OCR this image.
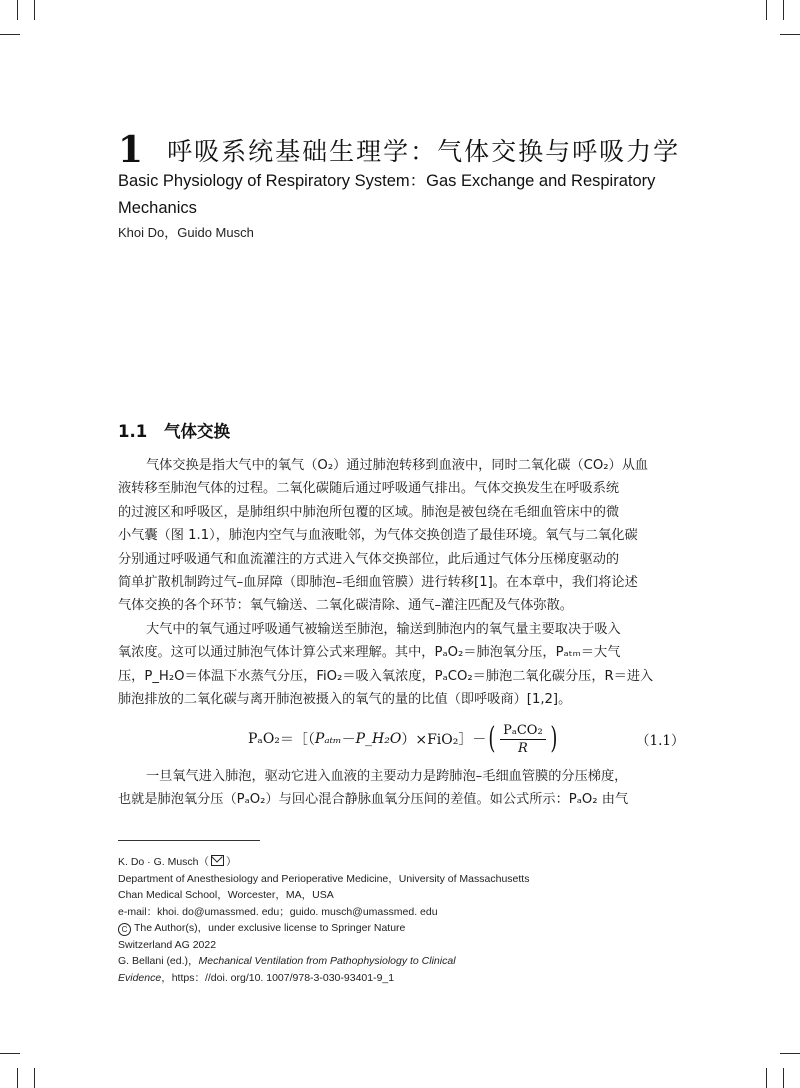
1 呼吸系统基础生理学：气体交换与呼吸力学
Basic Physiology of Respiratory System：Gas Exchange and Respiratory Mechanics
Khoi Do，Guido Musch
1.1 气体交换
气体交换是指大气中的氧气（O₂）通过肺泡转移到血液中，同时二氧化碳（CO₂）从血
液转移至肺泡气体的过程。二氧化碳随后通过呼吸通气排出。气体交换发生在呼吸系统
的过渡区和呼吸区，是肺组织中肺泡所包覆的区域。肺泡是被包绕在毛细血管床中的微
小气囊（图 1.1），肺泡内空气与血液毗邻，为气体交换创造了最佳环境。氧气与二氧化碳
分别通过呼吸通气和血流灌注的方式进入气体交换部位，此后通过气体分压梯度驱动的
简单扩散机制跨过气–血屏障（即肺泡–毛细血管膜）进行转移[1]。在本章中，我们将论述
气体交换的各个环节：氧气输送、二氧化碳清除、通气–灌注匹配及气体弥散。
大气中的氧气通过呼吸通气被输送至肺泡，输送到肺泡内的氧气量主要取决于吸入
氧浓度。这可以通过肺泡气体计算公式来理解。其中，PₐO₂＝肺泡氧分压，Pₐₜₘ＝大气
压，P_H₂O＝体温下水蒸气分压，FiO₂＝吸入氧浓度，PₐCO₂＝肺泡二氧化碳分压，R＝进入
肺泡排放的二氧化碳与离开肺泡被摄入的氧气的量的比值（即呼吸商）[1,2]。
PₐO₂ ＝ ［（ Pₐₜₘ － P_H₂O ）×FiO₂］－ ( $\frac{\text{PₐCO₂}}{R}$ )	（1.1）
一旦氧气进入肺泡，驱动它进入血液的主要动力是跨肺泡–毛细血管膜的分压梯度，
也就是肺泡氧分压（PₐO₂）与回心混合静脉血氧分压间的差值。如公式所示：PₐO₂ 由气
K. Do · G. Musch（ ）
Department of Anesthesiology and Perioperative Medicine，University of Massachusetts
Chan Medical School，Worcester，MA，USA
e-mail：khoi. do@umassmed. edu；guido. musch@umassmed. edu
C The Author(s)，under exclusive license to Springer Nature
Switzerland AG 2022
G. Bellani (ed.)，Mechanical Ventilation from Pathophysiology to Clinical
Evidence，https：//doi. org/10. 1007/978-3-030-93401-9_1
